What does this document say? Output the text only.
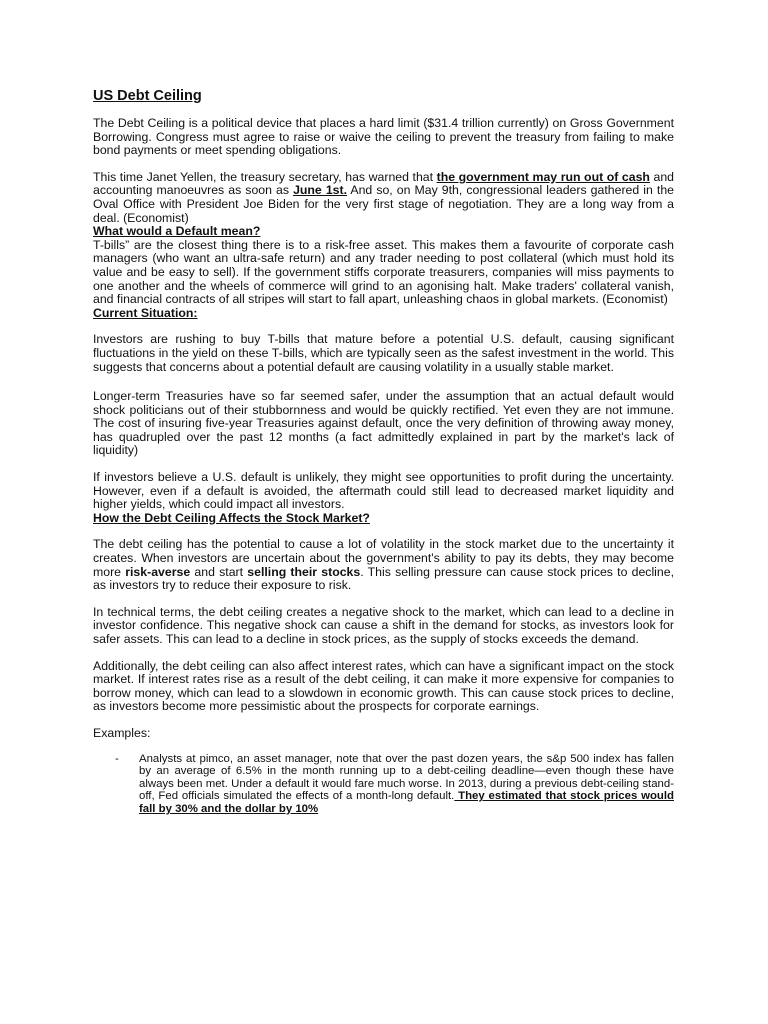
US Debt Ceiling

The Debt Ceiling is a political device that places a hard limit ($31.4 trillion currently) on Gross Government Borrowing. Congress must agree to raise or waive the ceiling to prevent the treasury from failing to make bond payments or meet spending obligations.

This time Janet Yellen, the treasury secretary, has warned that the government may run out of cash and accounting manoeuvres as soon as June 1st. And so, on May 9th, congressional leaders gathered in the Oval Office with President Joe Biden for the very first stage of negotiation. They are a long way from a deal. (Economist)

What would a Default mean?

T-bills” are the closest thing there is to a risk-free asset. This makes them a favourite of corporate cash managers (who want an ultra-safe return) and any trader needing to post collateral (which must hold its value and be easy to sell). If the government stiffs corporate treasurers, companies will miss payments to one another and the wheels of commerce will grind to an agonising halt. Make traders' collateral vanish, and financial contracts of all stripes will start to fall apart, unleashing chaos in global markets. (Economist)

Current Situation:

Investors are rushing to buy T-bills that mature before a potential U.S. default, causing significant fluctuations in the yield on these T-bills, which are typically seen as the safest investment in the world. This suggests that concerns about a potential default are causing volatility in a usually stable market.

Longer-term Treasuries have so far seemed safer, under the assumption that an actual default would shock politicians out of their stubbornness and would be quickly rectified. Yet even they are not immune. The cost of insuring five-year Treasuries against default, once the very definition of throwing away money, has quadrupled over the past 12 months (a fact admittedly explained in part by the market's lack of liquidity)

If investors believe a U.S. default is unlikely, they might see opportunities to profit during the uncertainty. However, even if a default is avoided, the aftermath could still lead to decreased market liquidity and higher yields, which could impact all investors.

How the Debt Ceiling Affects the Stock Market?

The debt ceiling has the potential to cause a lot of volatility in the stock market due to the uncertainty it creates. When investors are uncertain about the government's ability to pay its debts, they may become more risk-averse and start selling their stocks. This selling pressure can cause stock prices to decline, as investors try to reduce their exposure to risk.

In technical terms, the debt ceiling creates a negative shock to the market, which can lead to a decline in investor confidence. This negative shock can cause a shift in the demand for stocks, as investors look for safer assets. This can lead to a decline in stock prices, as the supply of stocks exceeds the demand.

Additionally, the debt ceiling can also affect interest rates, which can have a significant impact on the stock market. If interest rates rise as a result of the debt ceiling, it can make it more expensive for companies to borrow money, which can lead to a slowdown in economic growth. This can cause stock prices to decline, as investors become more pessimistic about the prospects for corporate earnings.

Examples:

- Analysts at pimco, an asset manager, note that over the past dozen years, the s&p 500 index has fallen by an average of 6.5% in the month running up to a debt-ceiling deadline—even though these have always been met. Under a default it would fare much worse. In 2013, during a previous debt-ceiling stand-off, Fed officials simulated the effects of a month-long default. They estimated that stock prices would fall by 30% and the dollar by 10%
